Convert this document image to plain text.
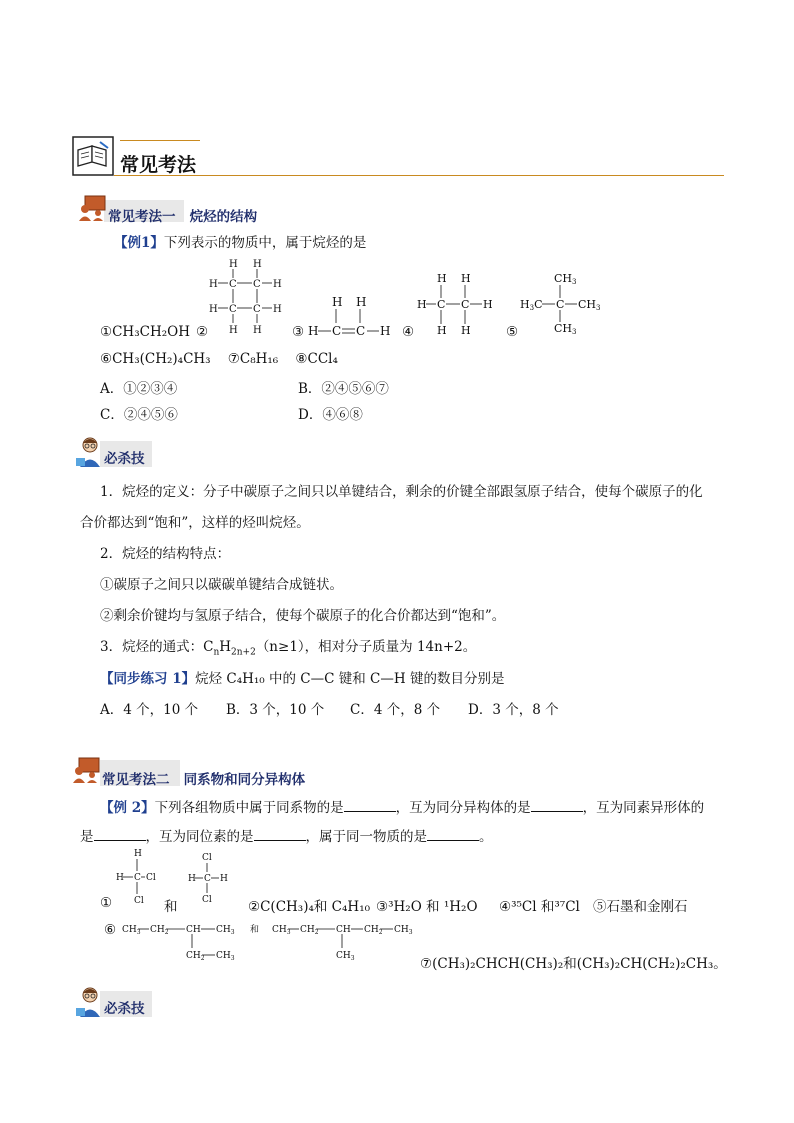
常见考法
常见考法一 烷烃的结构
【例1】下列表示的物质中，属于烷烃的是
H H
H C C H
H C C H
H H
H H
H C C H
H H
H C C H
H H
CH3
H3C C CH3
CH3
①CH₃CH₂OH ②	③	④	⑤
⑥CH₃(CH₂)₄CH₃ ⑦C₈H₁₆ ⑧CCl₄
A．①②③④	B．②④⑤⑥⑦
C．②④⑤⑥	D．④⑥⑧
必杀技
1．烷烃的定义：分子中碳原子之间只以单键结合，剩余的价键全部跟氢原子结合，使每个碳原子的化
合价都达到“饱和”，这样的烃叫烷烃。
2．烷烃的结构特点：
①碳原子之间只以碳碳单键结合成链状。
②剩余价键均与氢原子结合，使每个碳原子的化合价都达到“饱和”。
3．烷烃的通式：$C_nH_{2n+2}(n\ge 1)$，相对分子质量为 14n+2。
【同步练习 1】烷烃 C₄H₁₀ 中的 C—C 键和 C—H 键的数目分别是
A．4 个，10 个 B．3 个，10 个 C．4 个，8 个 D．3 个，8 个
常见考法二 同系物和同分异构体
【例 2】下列各组物质中属于同系物的是	，互为同分异构体的是	，互为同素异形体的
是	，互为同位素的是	，属于同一物质的是	。
H
H C Cl
Cl
Cl
H C H
Cl
①	和	②C(CH₃)₄和 C₄H₁₀ ③³H₂O 和 ¹H₂O ④³⁵Cl 和³⁷Cl ⑤石墨和金刚石
⑥ $CH_3$ $CH_2$ CH $CH_3$
$CH_2$ $CH_3$
和 $CH_3$ $CH_2$ CH $CH_2$ $CH_3$
$CH_3$	⑦(CH₃)₂CHCH(CH₃)₂和(CH₃)₂CH(CH₂)₂CH₃。
必杀技
